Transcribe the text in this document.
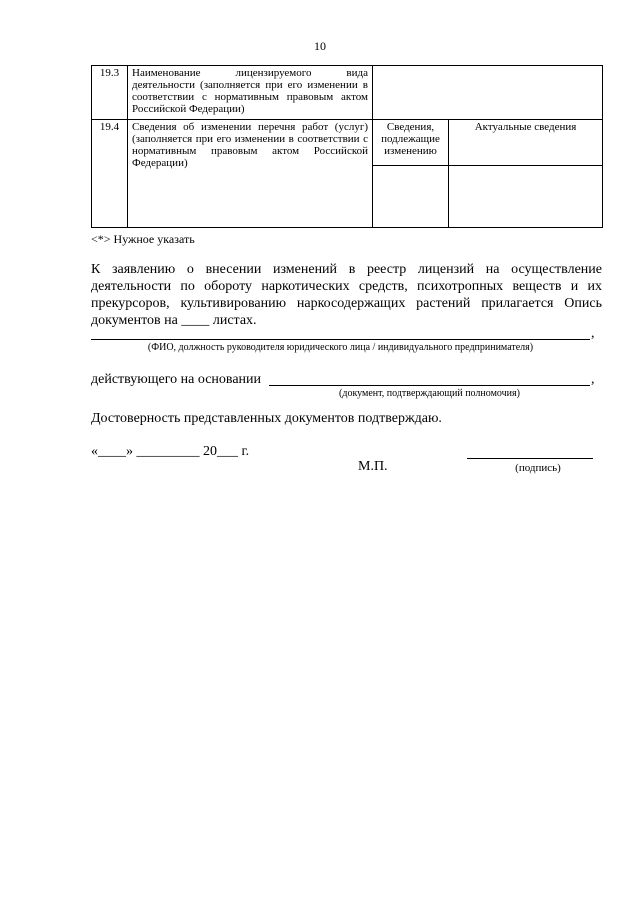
10
19.3	Наименование лицензируемого вида деятельности (заполняется при его изменении в соответствии с нормативным правовым актом Российской Федерации)		
19.4	Сведения об изменении перечня работ (услуг) (заполняется при его изменении в соответствии с нормативным правовым актом Российской Федерации)	Сведения, подлежащие изменению	Актуальные сведения

<*> Нужное указать
К заявлению о внесении изменений в реестр лицензий на осуществление деятельности по обороту наркотических средств, психотропных веществ и их прекурсоров, культивированию наркосодержащих растений прилагается Опись документов на ____ листах.
,
(ФИО, должность руководителя юридического лица / индивидуального предпринимателя)
действующего на основании	,
(документ, подтверждающий полномочия)
Достоверность представленных документов подтверждаю.
«____» _________ 20___ г.
М.П.	(подпись)
